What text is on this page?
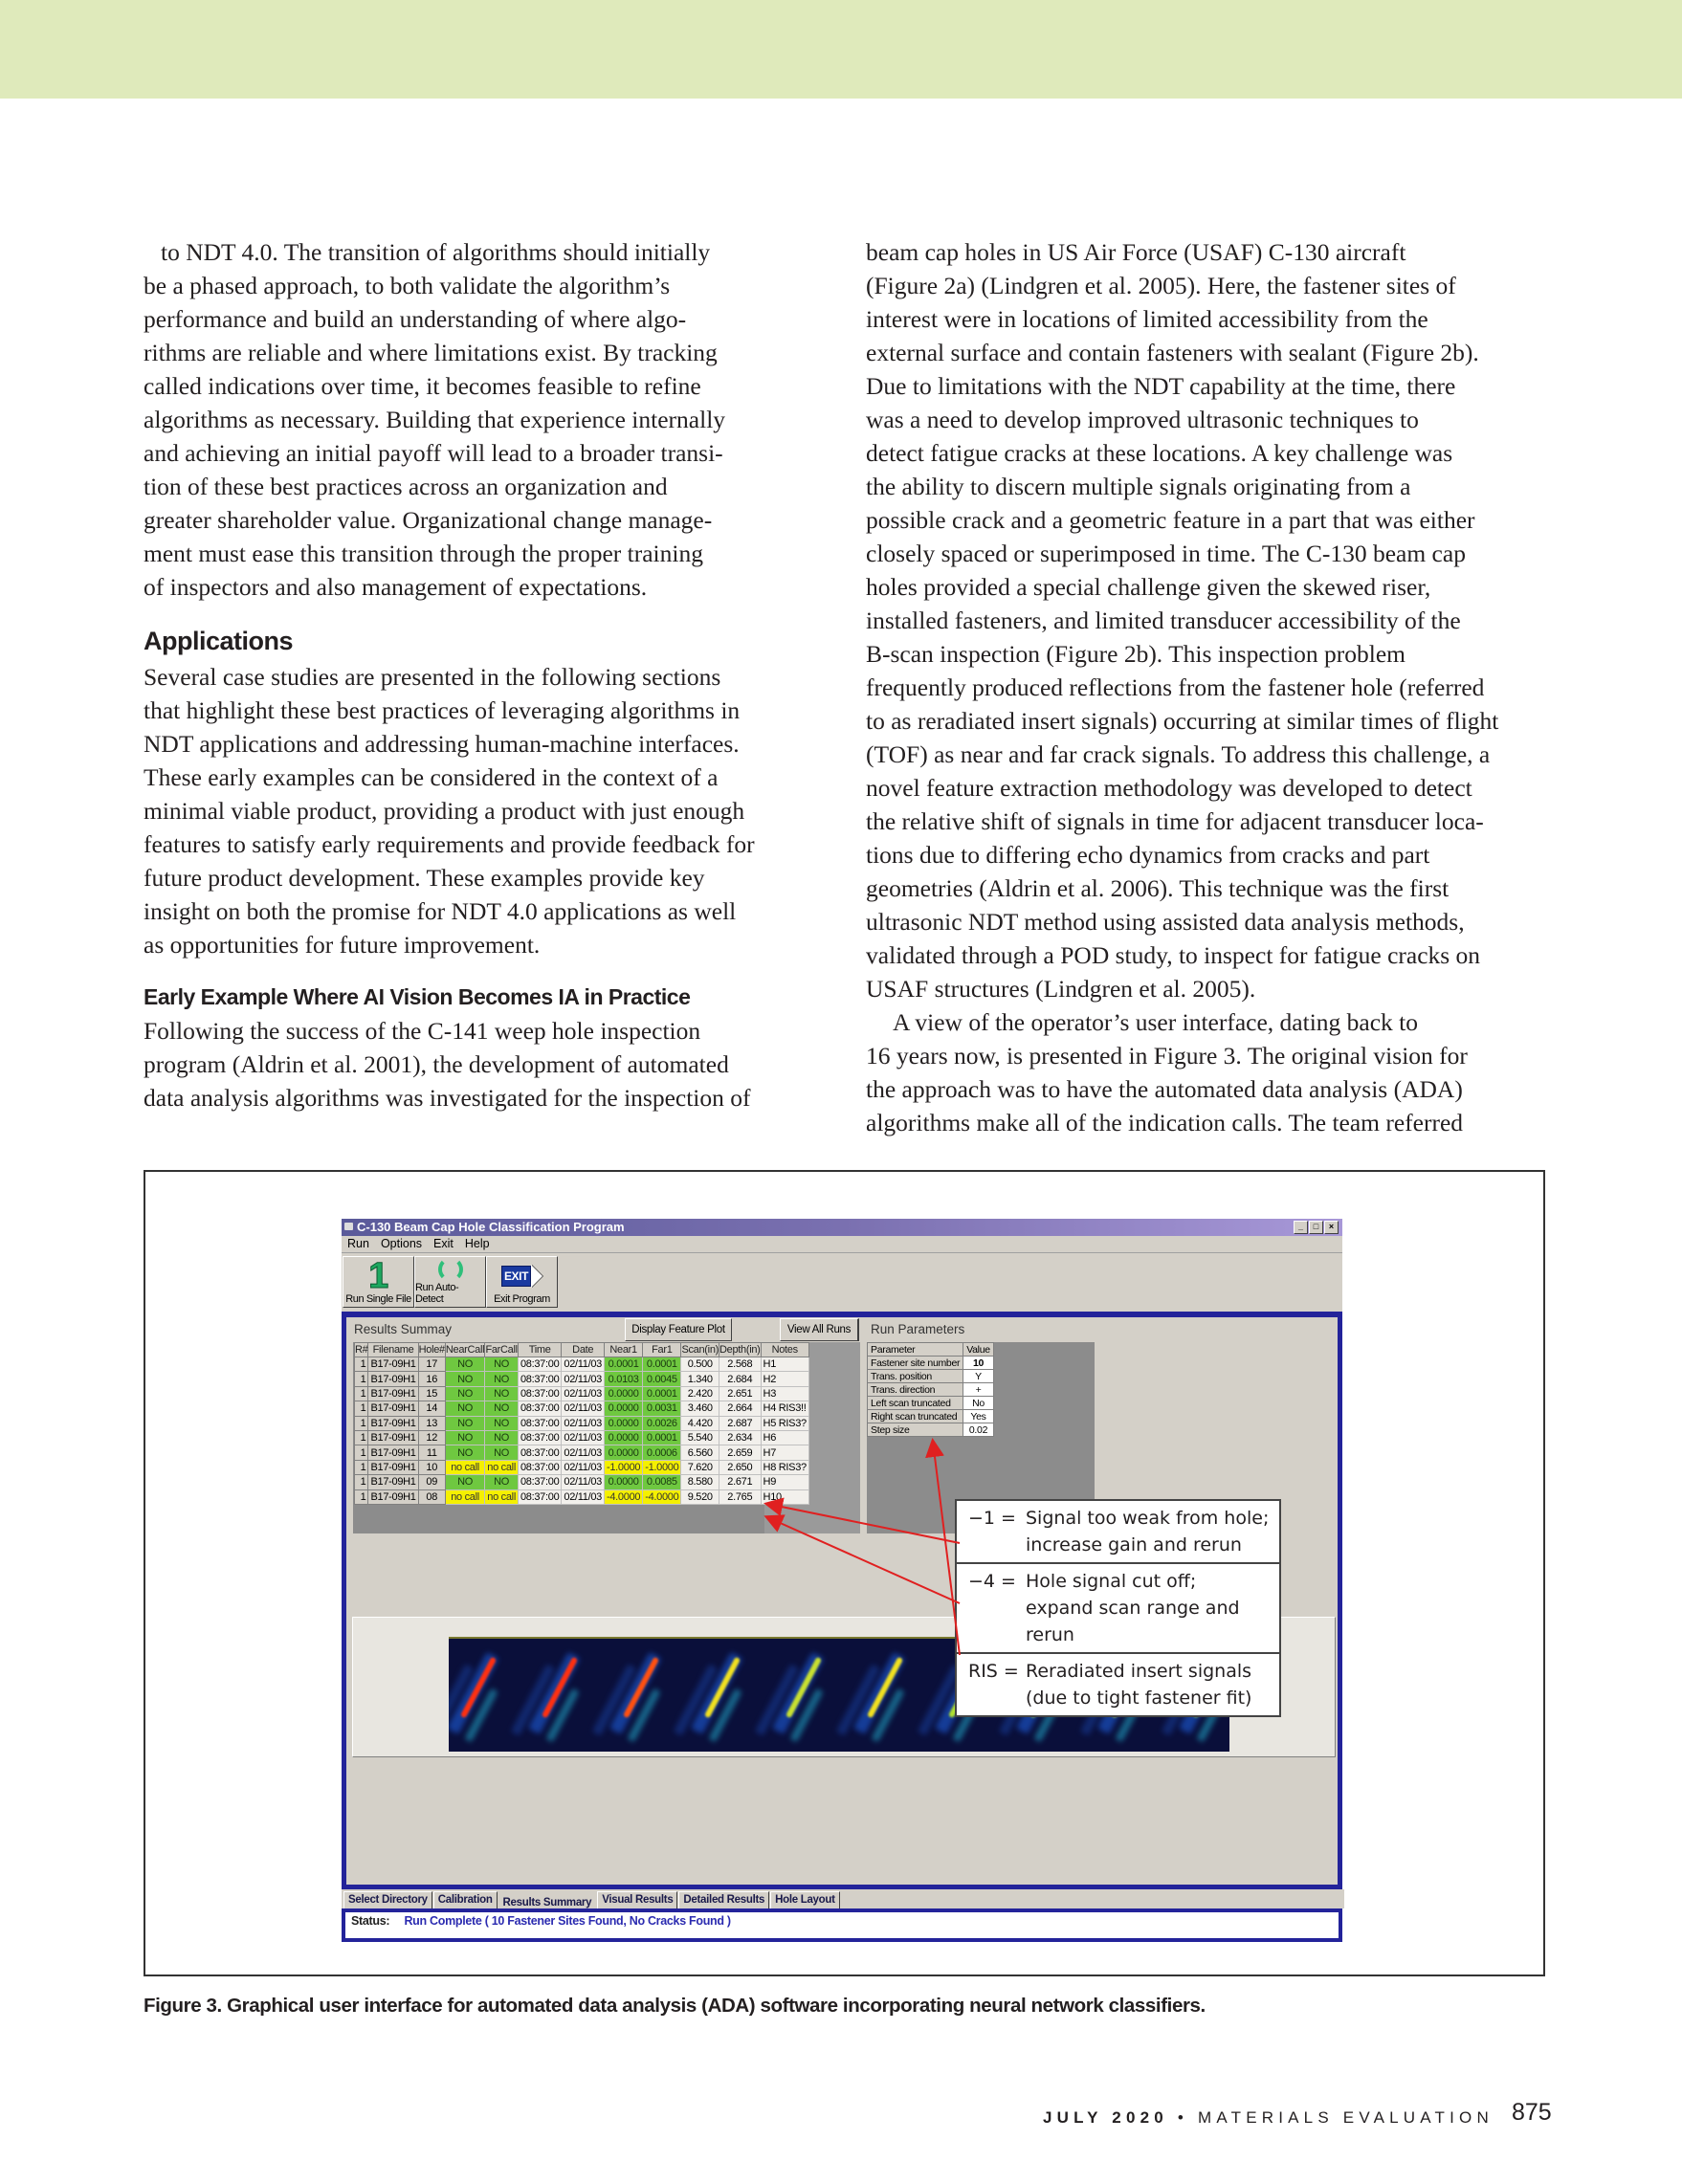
to NDT 4.0. The transition of algorithms should initially
be a phased approach, to both validate the algorithm’s
performance and build an understanding of where algo-
rithms are reliable and where limitations exist. By tracking
called indications over time, it becomes feasible to refine
algorithms as necessary. Building that experience internally
and achieving an initial payoff will lead to a broader transi-
tion of these best practices across an organization and
greater shareholder value. Organizational change manage-
ment must ease this transition through the proper training
of inspectors and also management of expectations.

Applications

Several case studies are presented in the following sections
that highlight these best practices of leveraging algorithms in
NDT applications and addressing human-machine interfaces.
These early examples can be considered in the context of a
minimal viable product, providing a product with just enough
features to satisfy early requirements and provide feedback for
future product development. These examples provide key
insight on both the promise for NDT 4.0 applications as well
as opportunities for future improvement.

Early Example Where AI Vision Becomes IA in Practice

Following the success of the C-141 weep hole inspection
program (Aldrin et al. 2001), the development of automated
data analysis algorithms was investigated for the inspection of

beam cap holes in US Air Force (USAF) C-130 aircraft
(Figure 2a) (Lindgren et al. 2005). Here, the fastener sites of
interest were in locations of limited accessibility from the
external surface and contain fasteners with sealant (Figure 2b).
Due to limitations with the NDT capability at the time, there
was a need to develop improved ultrasonic techniques to
detect fatigue cracks at these locations. A key challenge was
the ability to discern multiple signals originating from a
possible crack and a geometric feature in a part that was either
closely spaced or superimposed in time. The C-130 beam cap
holes provided a special challenge given the skewed riser,
installed fasteners, and limited transducer accessibility of the
B-scan inspection (Figure 2b). This inspection problem
frequently produced reflections from the fastener hole (referred
to as reradiated insert signals) occurring at similar times of flight
(TOF) as near and far crack signals. To address this challenge, a
novel feature extraction methodology was developed to detect
the relative shift of signals in time for adjacent transducer loca-
tions due to differing echo dynamics from cracks and part
geometries (Aldrin et al. 2006). This technique was the first
ultrasonic NDT method using assisted data analysis methods,
validated through a POD study, to inspect for fatigue cracks on
USAF structures (Lindgren et al. 2005).

A view of the operator’s user interface, dating back to
16 years now, is presented in Figure 3. The original vision for
the approach was to have the automated data analysis (ADA)
algorithms make all of the indication calls. The team referred

C-130 Beam Cap Hole Classification Program	_	□	×
Run Options Exit Help
1
Run Single File
Run Auto-Detect
EXIT
Exit Program
Results Summay	Display Feature Plot	View All Runs	Run Parameters
R#	Filename	Hole#	NearCall	FarCall	Time	Date	Near1	Far1	Scan(in)	Depth(in)	Notes
1	B17-09H1	17	NO	NO	08:37:00	02/11/03	0.0001	0.0001	0.500	2.568	H1
1	B17-09H1	16	NO	NO	08:37:00	02/11/03	0.0103	0.0045	1.340	2.684	H2
1	B17-09H1	15	NO	NO	08:37:00	02/11/03	0.0000	0.0001	2.420	2.651	H3
1	B17-09H1	14	NO	NO	08:37:00	02/11/03	0.0000	0.0031	3.460	2.664	H4 RIS3!!
1	B17-09H1	13	NO	NO	08:37:00	02/11/03	0.0000	0.0026	4.420	2.687	H5 RIS3?
1	B17-09H1	12	NO	NO	08:37:00	02/11/03	0.0000	0.0001	5.540	2.634	H6
1	B17-09H1	11	NO	NO	08:37:00	02/11/03	0.0000	0.0006	6.560	2.659	H7
1	B17-09H1	10	no call	no call	08:37:00	02/11/03	-1.0000	-1.0000	7.620	2.650	H8 RIS3?
1	B17-09H1	09	NO	NO	08:37:00	02/11/03	0.0000	0.0085	8.580	2.671	H9
1	B17-09H1	08	no call	no call	08:37:00	02/11/03	-4.0000	-4.0000	9.520	2.765	H10
Parameter	Value
Fastener site number	10
Trans. position	Y
Trans. direction	+
Left scan truncated	No
Right scan truncated	Yes
Step size	0.02
Select Directory Calibration Results Summary Visual Results Detailed Results Hole Layout
Status: Run Complete ( 10 Fastener Sites Found, No Cracks Found )
−1 = Signal too weak from hole;
increase gain and rerun
−4 = Hole signal cut off;
expand scan range and rerun
RIS = Reradiated insert signals
(due to tight fastener fit)
Figure 3. Graphical user interface for automated data analysis (ADA) software incorporating neural network classifiers.
JULY 2020 • MATERIALS EVALUATION 875
